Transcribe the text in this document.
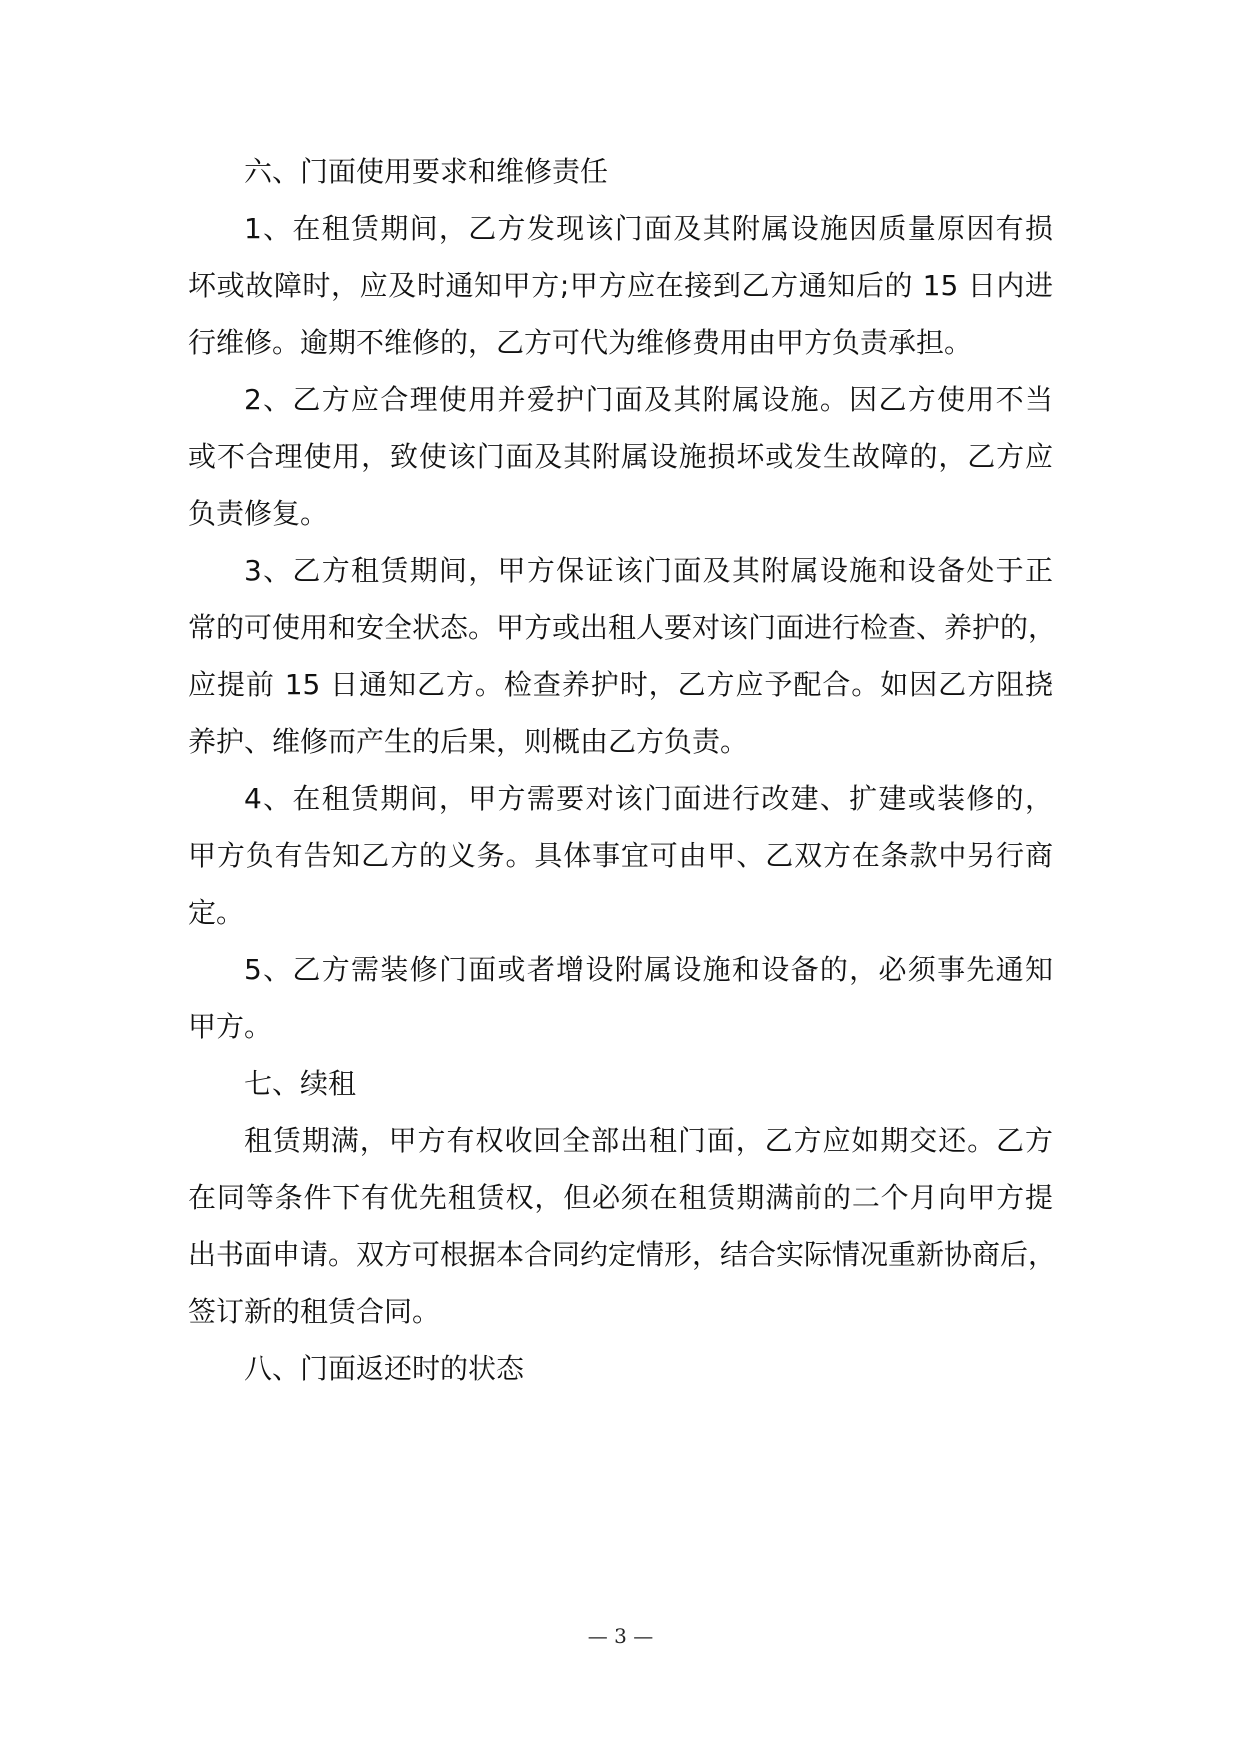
六、门面使用要求和维修责任
1、在租赁期间，乙方发现该门面及其附属设施因质量原因有损
坏或故障时，应及时通知甲方;甲方应在接到乙方通知后的 15 日内进
行维修。逾期不维修的，乙方可代为维修费用由甲方负责承担。
2、乙方应合理使用并爱护门面及其附属设施。因乙方使用不当
或不合理使用，致使该门面及其附属设施损坏或发生故障的，乙方应
负责修复。
3、乙方租赁期间，甲方保证该门面及其附属设施和设备处于正
常的可使用和安全状态。甲方或出租人要对该门面进行检查、养护的，
应提前 15 日通知乙方。检查养护时，乙方应予配合。如因乙方阻挠
养护、维修而产生的后果，则概由乙方负责。
4、在租赁期间，甲方需要对该门面进行改建、扩建或装修的，
甲方负有告知乙方的义务。具体事宜可由甲、乙双方在条款中另行商
定。
5、乙方需装修门面或者增设附属设施和设备的，必须事先通知
甲方。
七、续租
租赁期满，甲方有权收回全部出租门面，乙方应如期交还。乙方
在同等条件下有优先租赁权，但必须在租赁期满前的二个月向甲方提
出书面申请。双方可根据本合同约定情形，结合实际情况重新协商后，
签订新的租赁合同。
八、门面返还时的状态
— 3 —
